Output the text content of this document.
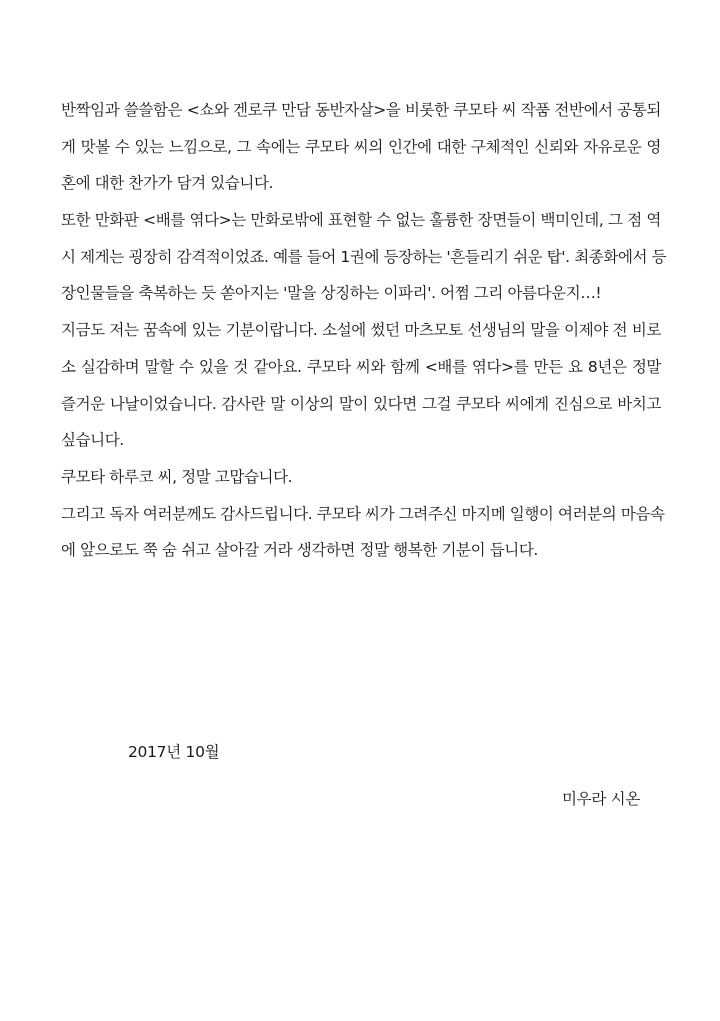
반짝임과 쓸쓸함은 <쇼와 겐로쿠 만담 동반자살>을 비롯한 쿠모타 씨 작품 전반에서 공통되
게 맛볼 수 있는 느낌으로, 그 속에는 쿠모타 씨의 인간에 대한 구체적인 신뢰와 자유로운 영
혼에 대한 찬가가 담겨 있습니다.
또한 만화판 <배를 엮다>는 만화로밖에 표현할 수 없는 훌륭한 장면들이 백미인데, 그 점 역
시 제게는 굉장히 감격적이었죠. 예를 들어 1권에 등장하는 '흔들리기 쉬운 탑'. 최종화에서 등
장인물들을 축복하는 듯 쏟아지는 '말을 상징하는 이파리'. 어쩜 그리 아름다운지…!
지금도 저는 꿈속에 있는 기분이랍니다. 소설에 썼던 마츠모토 선생님의 말을 이제야 전 비로
소 실감하며 말할 수 있을 것 같아요. 쿠모타 씨와 함께 <배를 엮다>를 만든 요 8년은 정말
즐거운 나날이었습니다. 감사란 말 이상의 말이 있다면 그걸 쿠모타 씨에게 진심으로 바치고
싶습니다.
쿠모타 하루코 씨, 정말 고맙습니다.
그리고 독자 여러분께도 감사드립니다. 쿠모타 씨가 그려주신 마지메 일행이 여러분의 마음속
에 앞으로도 쭉 숨 쉬고 살아갈 거라 생각하면 정말 행복한 기분이 듭니다.
2017년 10월
미우라 시온
